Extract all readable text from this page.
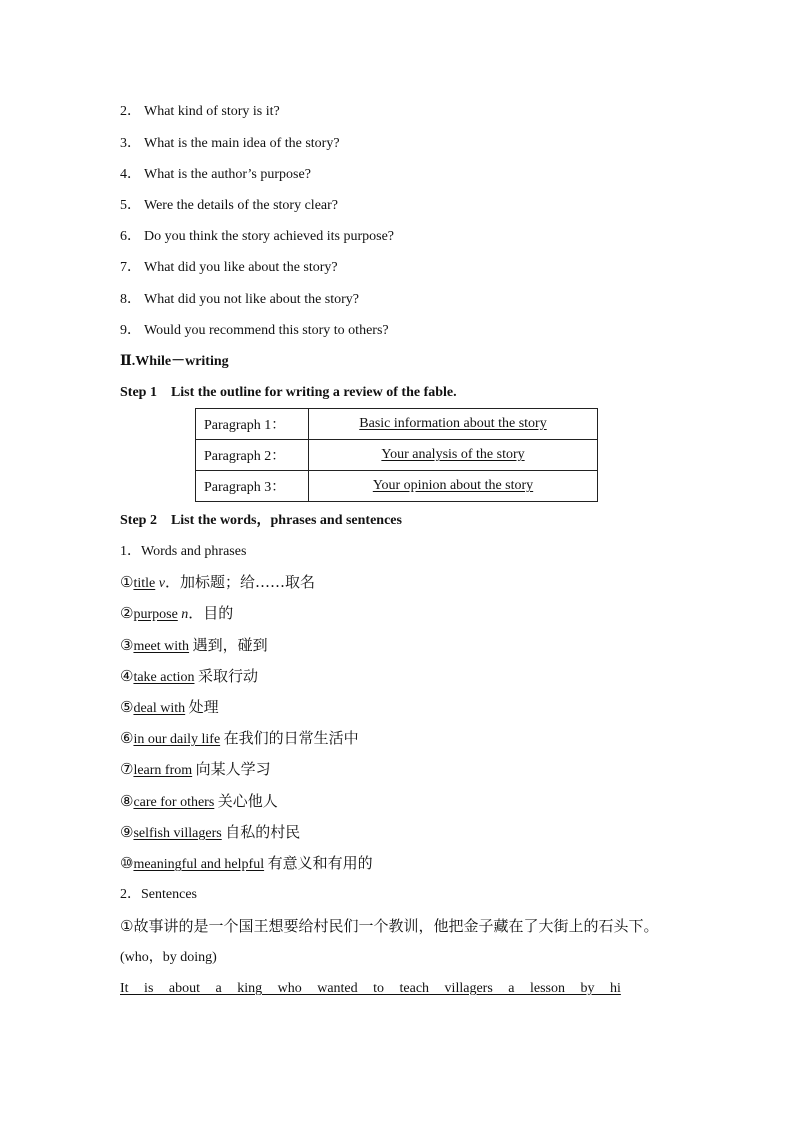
2． What kind of story is it?
3． What is the main idea of the story?
4． What is the author’s purpose?
5． Were the details of the story clear?
6． Do you think the story achieved its purpose?
7． What did you like about the story?
8． What did you not like about the story?
9． Would you recommend this story to others?
Ⅱ.While－writing
Step 1　List the outline for writing a review of the fable.
Paragraph 1：	Basic information about the story
Paragraph 2：	Your analysis of the story
Paragraph 3：	Your opinion about the story
Step 2　List the words，phrases and sentences
1．Words and phrases
①title v．加标题；给……取名
②purpose n．目的
③meet with 遇到，碰到
④take action 采取行动
⑤deal with 处理
⑥in our daily life 在我们的日常生活中
⑦learn from 向某人学习
⑧care for others 关心他人
⑨selfish villagers 自私的村民
⑩meaningful and helpful 有意义和有用的
2．Sentences
①故事讲的是一个国王想要给村民们一个教训，他把金子藏在了大街上的石头下。
(who，by doing)
It is about a king who wanted to teach villagers a lesson by hi
